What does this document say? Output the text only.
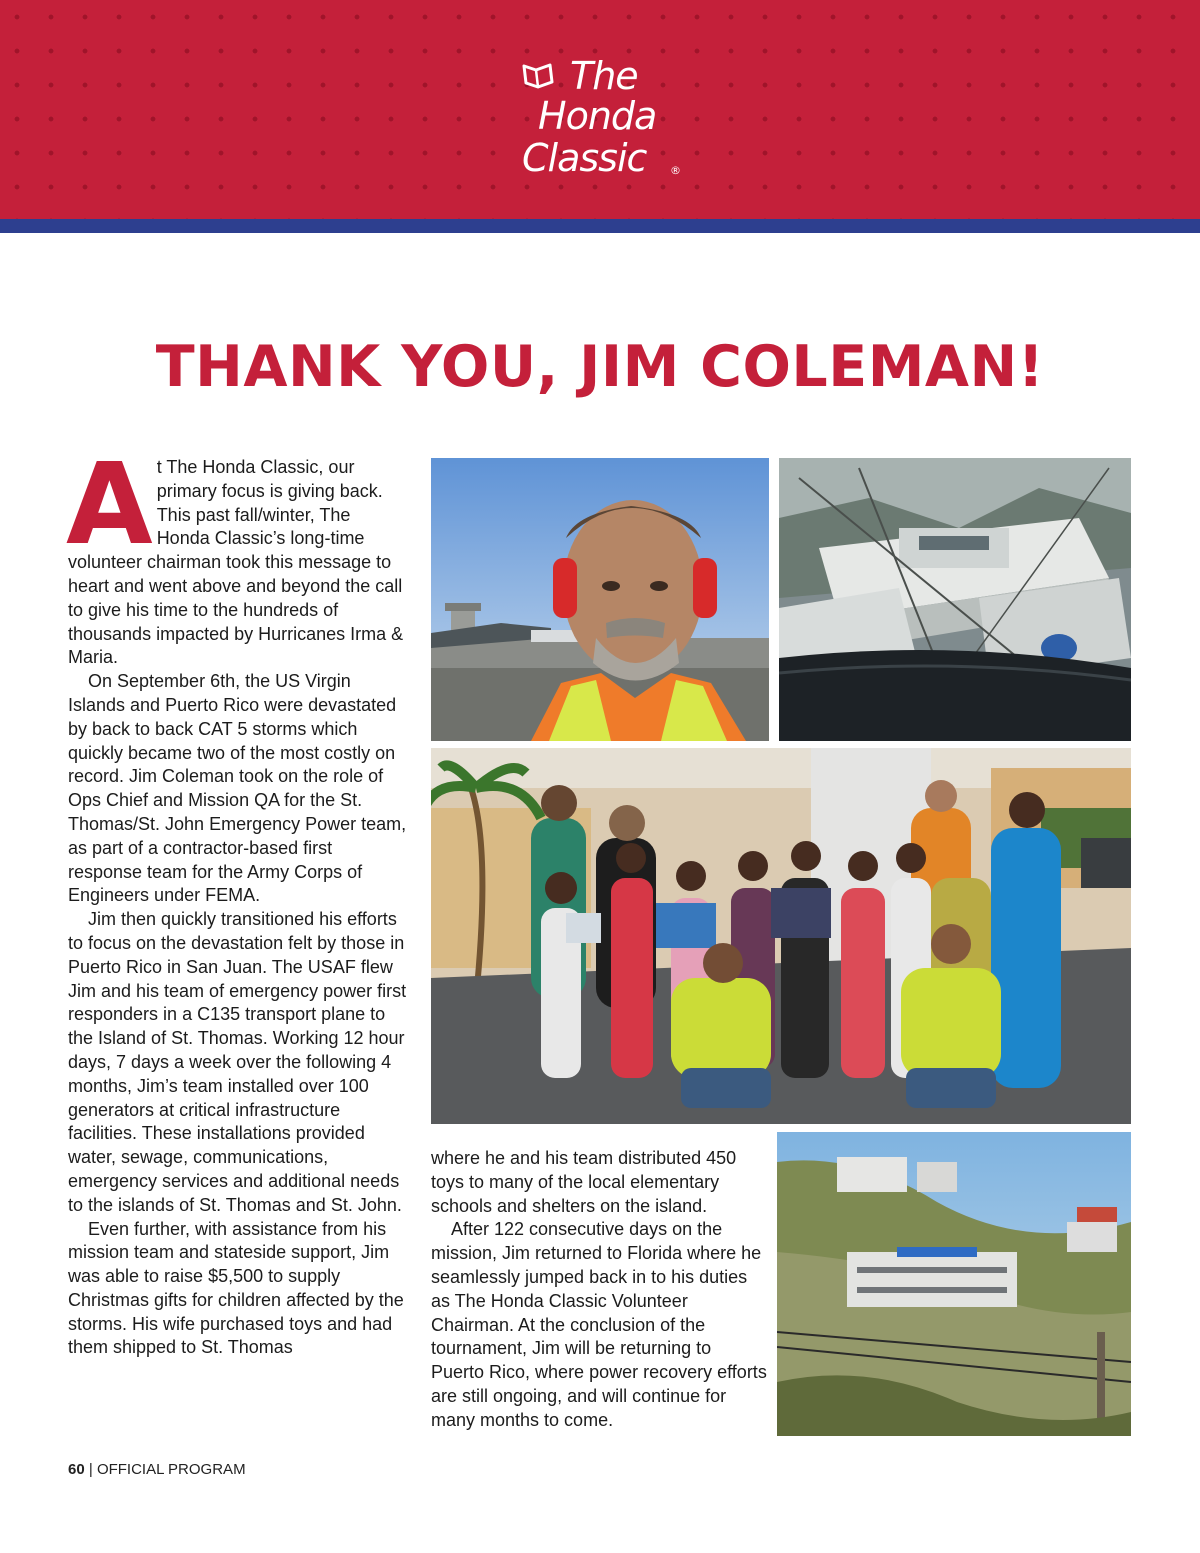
The
Honda
Classic ®
THANK YOU, JIM COLEMAN!

At The Honda Classic, our primary focus is giving back. This past fall/winter, The Honda Classic’s long-time volunteer chairman took this message to heart and went above and beyond the call to give his time to the hundreds of thousands impacted by Hurricanes Irma & Maria.

On September 6th, the US Virgin Islands and Puerto Rico were devastated by back to back CAT 5 storms which quickly became two of the most costly on record. Jim Coleman took on the role of Ops Chief and Mission QA for the St. Thomas/St. John Emergency Power team, as part of a contractor-based first response team for the Army Corps of Engineers under FEMA.

Jim then quickly transitioned his efforts to focus on the devastation felt by those in Puerto Rico in San Juan. The USAF flew Jim and his team of emergency power first responders in a C135 transport plane to the Island of St. Thomas. Working 12 hour days, 7 days a week over the following 4 months, Jim’s team installed over 100 generators at critical infrastructure facilities. These installations provided water, sewage, communications, emergency services and additional needs to the islands of St. Thomas and St. John.

Even further, with assistance from his mission team and stateside support, Jim was able to raise $5,500 to supply Christmas gifts for children affected by the storms. His wife purchased toys and had them shipped to St. Thomas

where he and his team distributed 450 toys to many of the local elementary schools and shelters on the island.

After 122 consecutive days on the mission, Jim returned to Florida where he seamlessly jumped back in to his duties as The Honda Classic Volunteer Chairman. At the conclusion of the tournament, Jim will be returning to Puerto Rico, where power recovery efforts are still ongoing, and will continue for many months to come.

60 | OFFICIAL PROGRAM
